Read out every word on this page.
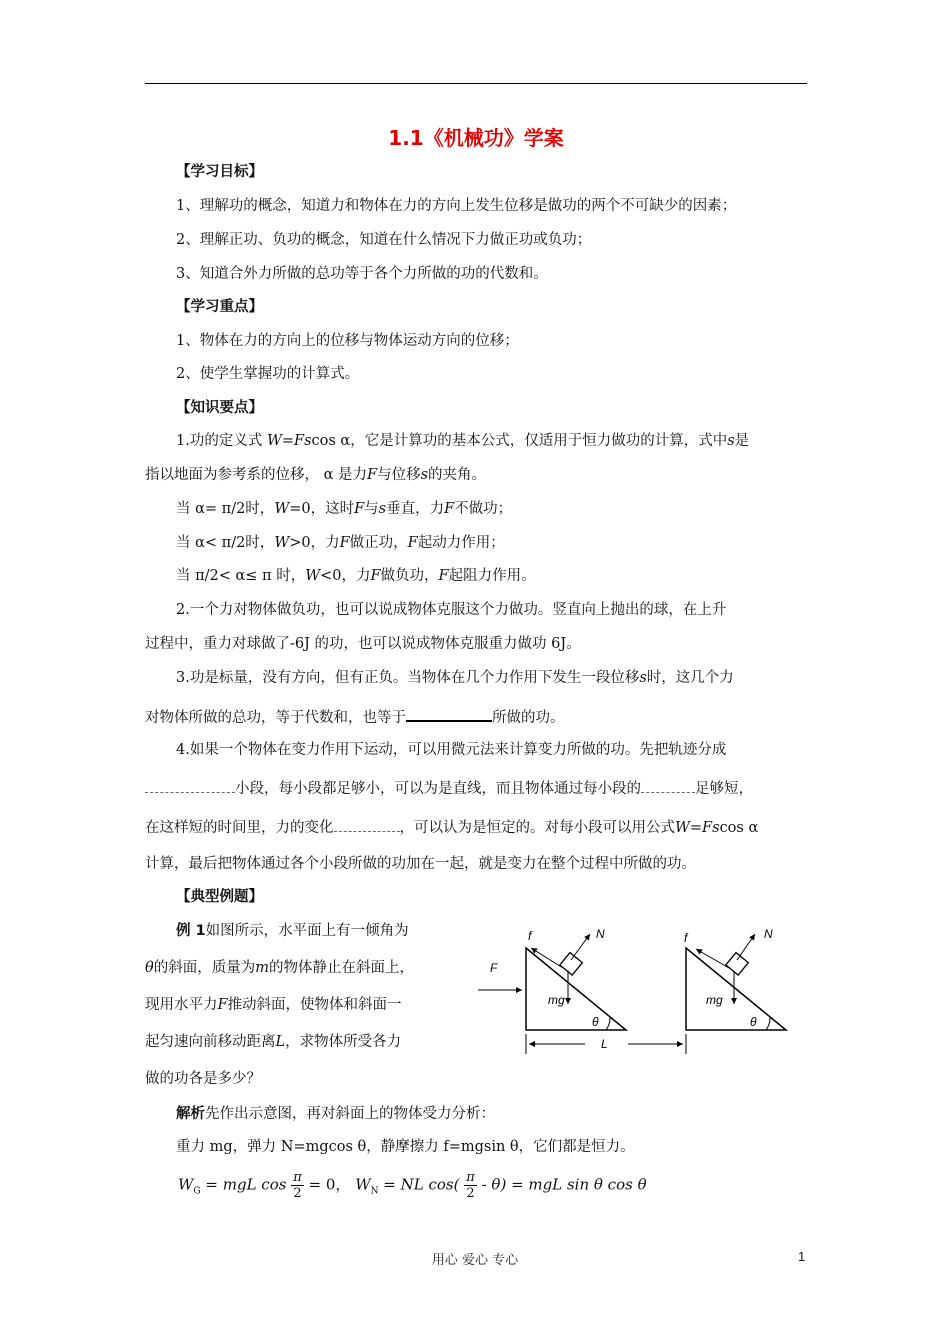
1.1《机械功》学案
【学习目标】
1、理解功的概念，知道力和物体在力的方向上发生位移是做功的两个不可缺少的因素；
2、理解正功、负功的概念，知道在什么情况下力做正功或负功；
3、知道合外力所做的总功等于各个力所做的功的代数和。
【学习重点】
1、物体在力的方向上的位移与物体运动方向的位移；
2、使学生掌握功的计算式。
【知识要点】
1.功的定义式 W=Fscos α，它是计算功的基本公式，仅适用于恒力做功的计算，式中s是
指以地面为参考系的位移， α 是力F与位移s的夹角。
当 α= π/2时，W=0，这时F与s垂直，力F不做功；
当 α< π/2时，W>0，力F做正功，F起动力作用；
当 π/2< α≤ π 时，W<0，力F做负功，F起阻力作用。
2.一个力对物体做负功，也可以说成物体克服这个力做功。竖直向上抛出的球，在上升
过程中，重力对球做了-6J 的功，也可以说成物体克服重力做功 6J。
3.功是标量，没有方向，但有正负。当物体在几个力作用下发生一段位移s时，这几个力
对物体所做的总功，等于代数和，也等于	所做的功。
4.如果一个物体在变力作用下运动，可以用微元法来计算变力所做的功。先把轨迹分成
小段，每小段都足够小，可以为是直线，而且物体通过每小段的	足够短，
在这样短的时间里，力的变化	，可以认为是恒定的。对每小段可以用公式W=Fscos α
计算，最后把物体通过各个小段所做的功加在一起，就是变力在整个过程中所做的功。
【典型例题】
例 1如图所示，水平面上有一倾角为
θ的斜面，质量为m的物体静止在斜面上，
现用水平力F推动斜面，使物体和斜面一
起匀速向前移动距离L，求物体所受各力
做的功各是多少？
f	N
F
mg
θ
f	N
mg
θ
L
解析先作出示意图，再对斜面上的物体受力分析：
重力 mg，弹力 N=mgcos θ，静摩擦力 f=mgsin θ，它们都是恒力。
$W_G$ = mgL $\cos \frac{\pi}{2} = 0$， $W_N$ = NL $\cos( \frac{\pi}{2} - \theta)$ = mgL sin θ cos θ
用心 爱心 专心	1
